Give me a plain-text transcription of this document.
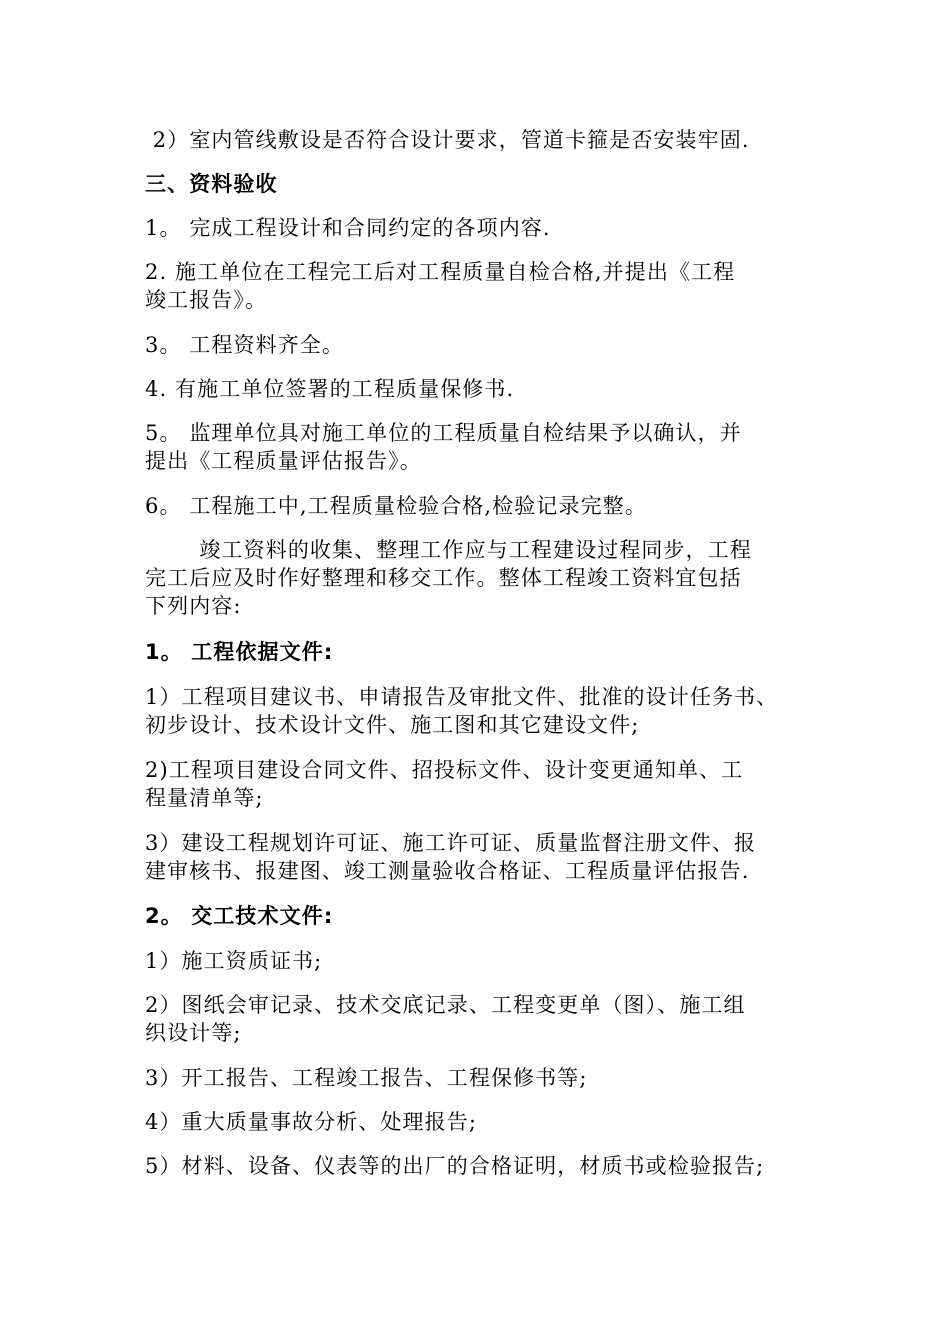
2）室内管线敷设是否符合设计要求，管道卡箍是否安装牢固.
三、资料验收
1。 完成工程设计和合同约定的各项内容.
2. 施工单位在工程完工后对工程质量自检合格,并提出《工程
竣工报告》。
3。 工程资料齐全。
4. 有施工单位签署的工程质量保修书.
5。 监理单位具对施工单位的工程质量自检结果予以确认，并
提出《工程质量评估报告》。
6。 工程施工中,工程质量检验合格,检验记录完整。
竣工资料的收集、整理工作应与工程建设过程同步，工程
完工后应及时作好整理和移交工作。整体工程竣工资料宜包括
下列内容:
1。 工程依据文件:
1）工程项目建议书、申请报告及审批文件、批准的设计任务书、
初步设计、技术设计文件、施工图和其它建设文件;
2)工程项目建设合同文件、招投标文件、设计变更通知单、工
程量清单等;
3）建设工程规划许可证、施工许可证、质量监督注册文件、报
建审核书、报建图、竣工测量验收合格证、工程质量评估报告.
2。 交工技术文件:
1）施工资质证书;
2）图纸会审记录、技术交底记录、工程变更单（图）、施工组
织设计等;
3）开工报告、工程竣工报告、工程保修书等;
4）重大质量事故分析、处理报告;
5）材料、设备、仪表等的出厂的合格证明，材质书或检验报告;
